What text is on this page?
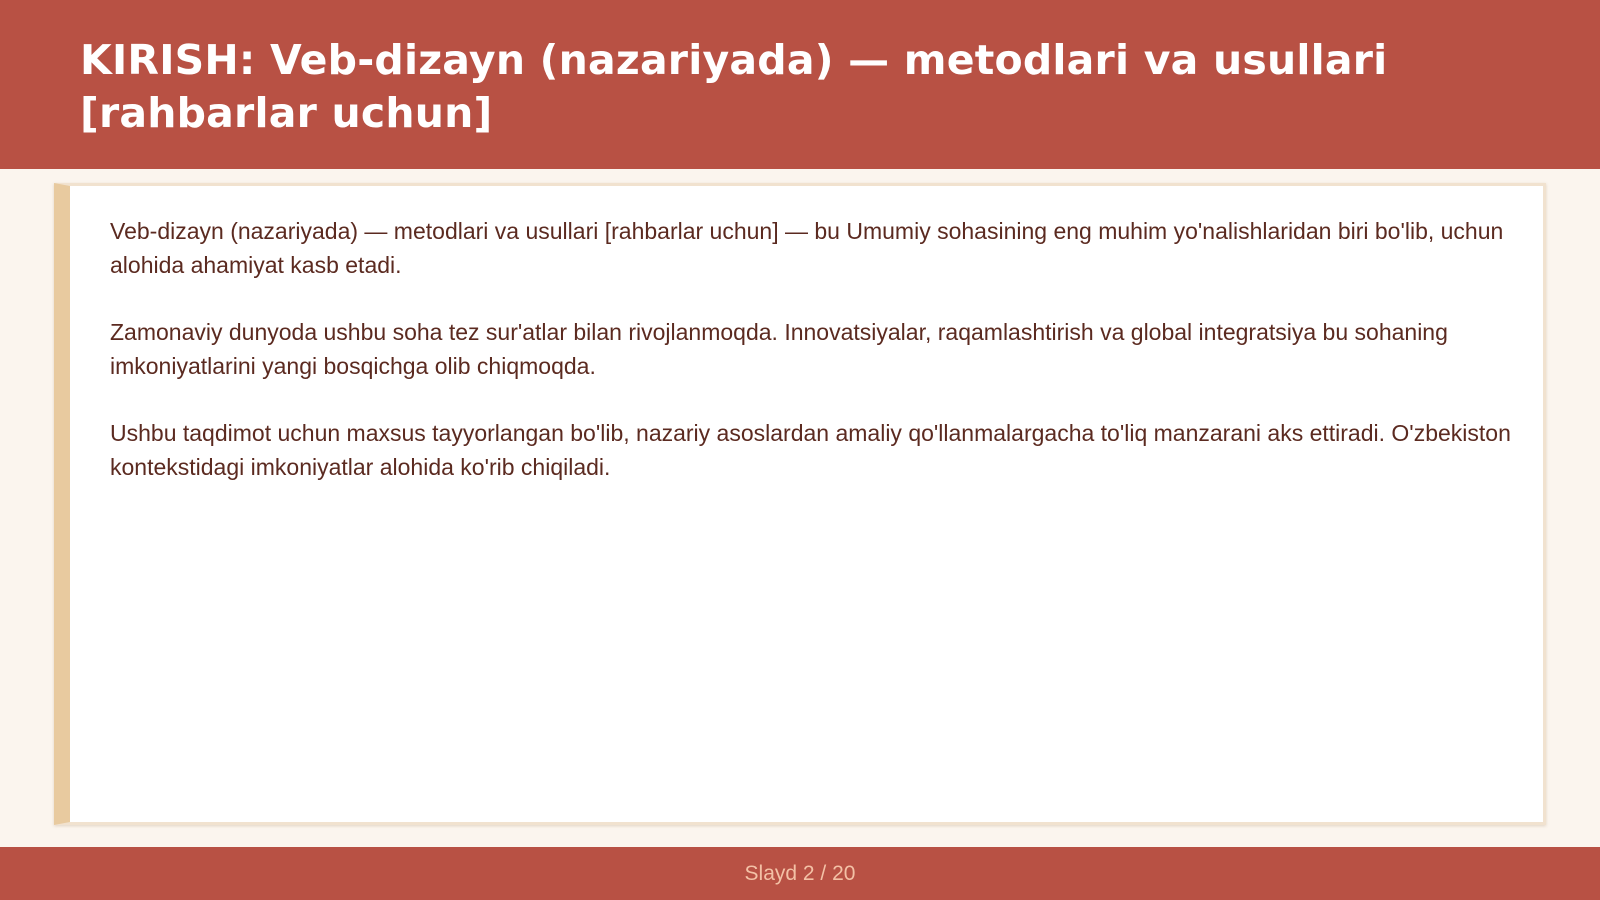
KIRISH: Veb-dizayn (nazariyada) — metodlari va usullari [rahbarlar uchun]

Veb-dizayn (nazariyada) — metodlari va usullari [rahbarlar uchun] — bu Umumiy sohasining eng muhim yo'nalishlaridan biri bo'lib, uchun alohida ahamiyat kasb etadi.

Zamonaviy dunyoda ushbu soha tez sur'atlar bilan rivojlanmoqda. Innovatsiyalar, raqamlashtirish va global integratsiya bu sohaning imkoniyatlarini yangi bosqichga olib chiqmoqda.

Ushbu taqdimot uchun maxsus tayyorlangan bo'lib, nazariy asoslardan amaliy qo'llanmalargacha to'liq manzarani aks ettiradi. O'zbekiston kontekstidagi imkoniyatlar alohida ko'rib chiqiladi.

Slayd 2 / 20
